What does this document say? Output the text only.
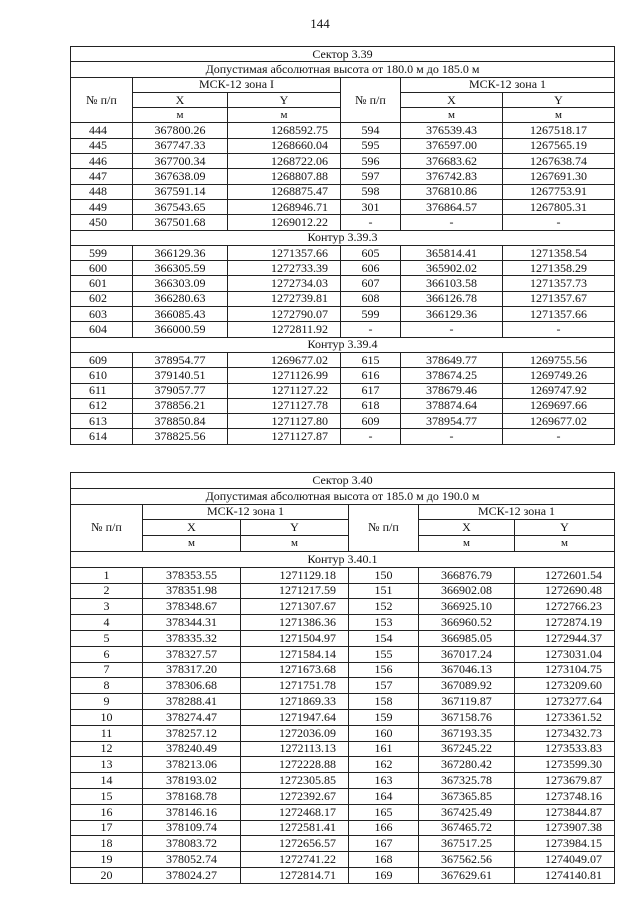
144
Сектор 3.39					
Допустимая абсолютная высота от 180.0 м до 185.0 м					
№ п/п	МСК-12 зона I		№ п/п	МСК-12 зона 1	
	X	Y		X	Y
	м	м		м	м
444	367800.26	1268592.75	594	376539.43	1267518.17
445	367747.33	1268660.04	595	376597.00	1267565.19
446	367700.34	1268722.06	596	376683.62	1267638.74
447	367638.09	1268807.88	597	376742.83	1267691.30
448	367591.14	1268875.47	598	376810.86	1267753.91
449	367543.65	1268946.71	301	376864.57	1267805.31
450	367501.68	1269012.22	-	-	-
Контур 3.39.3					
599	366129.36	1271357.66	605	365814.41	1271358.54
600	366305.59	1272733.39	606	365902.02	1271358.29
601	366303.09	1272734.03	607	366103.58	1271357.73
602	366280.63	1272739.81	608	366126.78	1271357.67
603	366085.43	1272790.07	599	366129.36	1271357.66
604	366000.59	1272811.92	-	-	-
Контур 3.39.4					
609	378954.77	1269677.02	615	378649.77	1269755.56
610	379140.51	1271126.99	616	378674.25	1269749.26
611	379057.77	1271127.22	617	378679.46	1269747.92
612	378856.21	1271127.78	618	378874.64	1269697.66
613	378850.84	1271127.80	609	378954.77	1269677.02
614	378825.56	1271127.87	-	-	-
Сектор 3.40					
Допустимая абсолютная высота от 185.0 м до 190.0 м					
№ п/п	МСК-12 зона 1		№ п/п	МСК-12 зона 1	
	X	Y		X	Y
	м	м		м	м
Контур 3.40.1					
1	378353.55	1271129.18	150	366876.79	1272601.54
2	378351.98	1271217.59	151	366902.08	1272690.48
3	378348.67	1271307.67	152	366925.10	1272766.23
4	378344.31	1271386.36	153	366960.52	1272874.19
5	378335.32	1271504.97	154	366985.05	1272944.37
6	378327.57	1271584.14	155	367017.24	1273031.04
7	378317.20	1271673.68	156	367046.13	1273104.75
8	378306.68	1271751.78	157	367089.92	1273209.60
9	378288.41	1271869.33	158	367119.87	1273277.64
10	378274.47	1271947.64	159	367158.76	1273361.52
11	378257.12	1272036.09	160	367193.35	1273432.73
12	378240.49	1272113.13	161	367245.22	1273533.83
13	378213.06	1272228.88	162	367280.42	1273599.30
14	378193.02	1272305.85	163	367325.78	1273679.87
15	378168.78	1272392.67	164	367365.85	1273748.16
16	378146.16	1272468.17	165	367425.49	1273844.87
17	378109.74	1272581.41	166	367465.72	1273907.38
18	378083.72	1272656.57	167	367517.25	1273984.15
19	378052.74	1272741.22	168	367562.56	1274049.07
20	378024.27	1272814.71	169	367629.61	1274140.81
